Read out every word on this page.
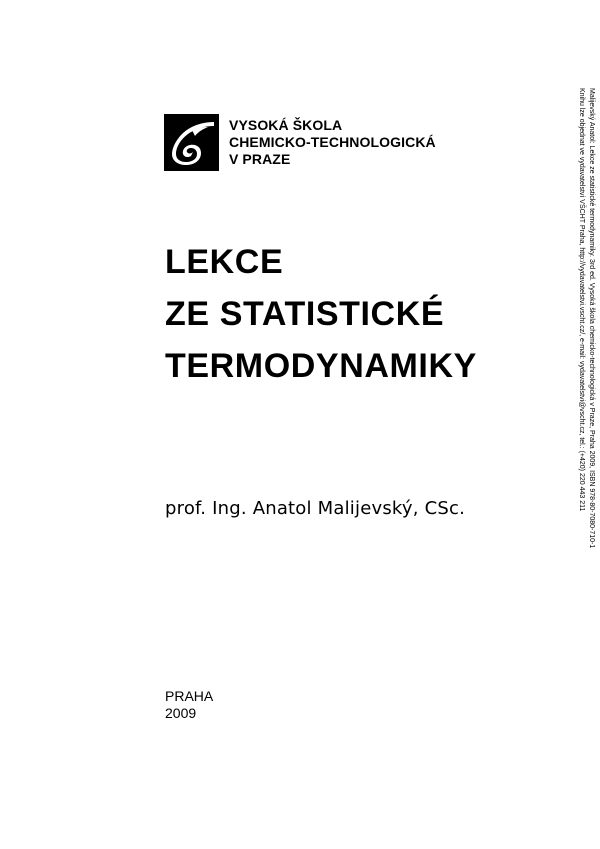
VYSOKÁ ŠKOLA
CHEMICKO-TECHNOLOGICKÁ
V PRAZE
LEKCE
ZE STATISTICKÉ
TERMODYNAMIKY
prof. Ing. Anatol Malijevský, CSc.
PRAHA
2009
Malijevský Anatol: Lekce ze statistické termodynamiky. 3rd ed. Vysoká škola chemicko-technologická v Praze, Praha 2009, ISBN 978-80-7080-710-1
Knihu lze objednat ve vydavatelství VŠCHT Praha, http://vydavatelstvi.vscht.cz/, e-mail: vydavatelstvi@vscht.cz, tel.: (+420) 220 443 211
